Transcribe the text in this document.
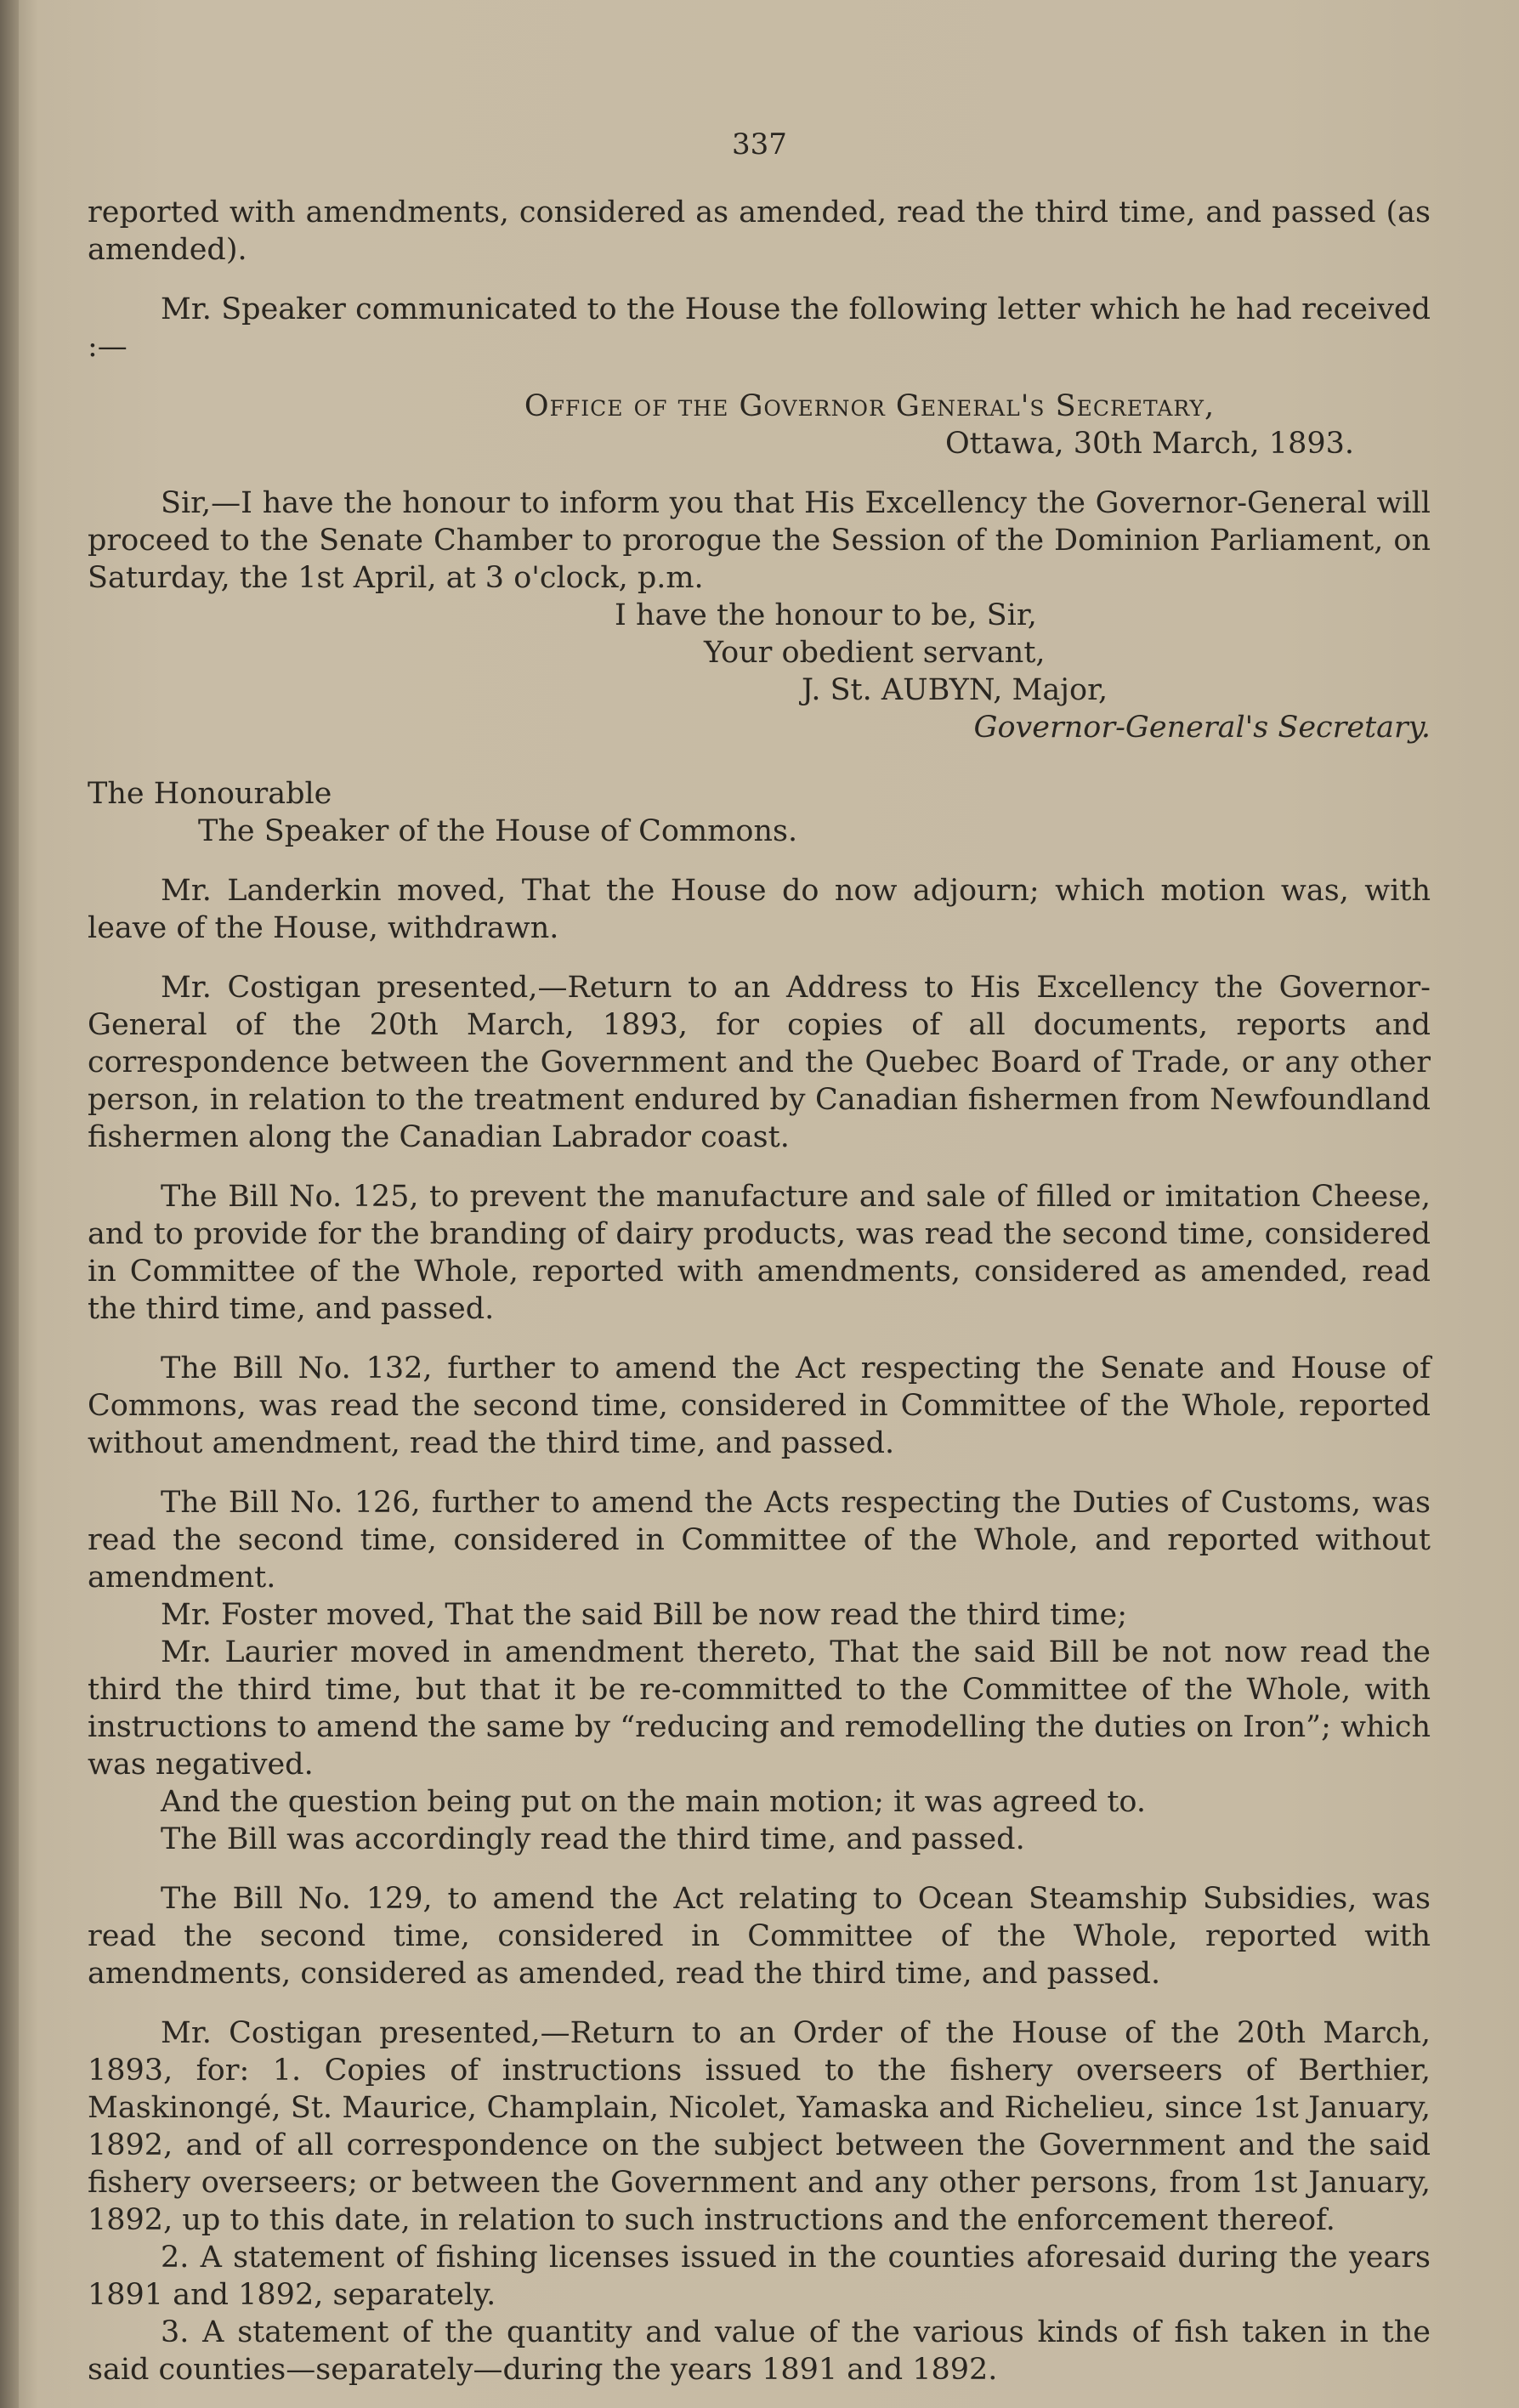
337

reported with amendments, considered as amended, read the third time, and passed (as amended).

Mr. Speaker communicated to the House the following letter which he had received :—

Office of the Governor General's Secretary,

Ottawa, 30th March, 1893.

Sir,—I have the honour to inform you that His Excellency the Governor-General will proceed to the Senate Chamber to prorogue the Session of the Dominion Parliament, on Saturday, the 1st April, at 3 o'clock, p.m.

I have the honour to be, Sir,

Your obedient servant,

J. St. AUBYN, Major,

Governor-General's Secretary.

The Honourable

The Speaker of the House of Commons.

Mr. Landerkin moved, That the House do now adjourn; which motion was, with leave of the House, withdrawn.

Mr. Costigan presented,—Return to an Address to His Excellency the Governor-General of the 20th March, 1893, for copies of all documents, reports and correspondence between the Government and the Quebec Board of Trade, or any other person, in relation to the treatment endured by Canadian fishermen from Newfoundland fishermen along the Canadian Labrador coast.

The Bill No. 125, to prevent the manufacture and sale of filled or imitation Cheese, and to provide for the branding of dairy products, was read the second time, considered in Committee of the Whole, reported with amendments, considered as amended, read the third time, and passed.

The Bill No. 132, further to amend the Act respecting the Senate and House of Commons, was read the second time, considered in Committee of the Whole, reported without amendment, read the third time, and passed.

The Bill No. 126, further to amend the Acts respecting the Duties of Customs, was read the second time, considered in Committee of the Whole, and reported without amendment.

Mr. Foster moved, That the said Bill be now read the third time;

Mr. Laurier moved in amendment thereto, That the said Bill be not now read the third the third time, but that it be re-committed to the Committee of the Whole, with instructions to amend the same by “reducing and remodelling the duties on Iron”; which was negatived.

And the question being put on the main motion; it was agreed to.

The Bill was accordingly read the third time, and passed.

The Bill No. 129, to amend the Act relating to Ocean Steamship Subsidies, was read the second time, considered in Committee of the Whole, reported with amendments, considered as amended, read the third time, and passed.

Mr. Costigan presented,—Return to an Order of the House of the 20th March, 1893, for: 1. Copies of instructions issued to the fishery overseers of Berthier, Maskinongé, St. Maurice, Champlain, Nicolet, Yamaska and Richelieu, since 1st January, 1892, and of all correspondence on the subject between the Government and the said fishery overseers; or between the Government and any other persons, from 1st January, 1892, up to this date, in relation to such instructions and the enforcement thereof.

2. A statement of fishing licenses issued in the counties aforesaid during the years 1891 and 1892, separately.

3. A statement of the quantity and value of the various kinds of fish taken in the said counties—separately—during the years 1891 and 1892.
